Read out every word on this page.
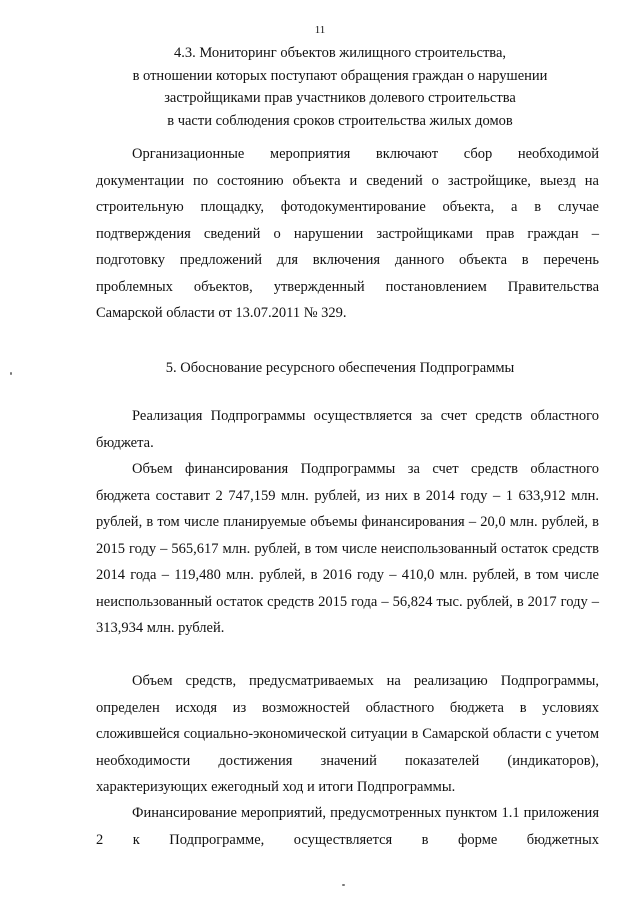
11
4.3. Мониторинг объектов жилищного строительства,
в отношении которых поступают обращения граждан о нарушении
застройщиками прав участников долевого строительства
в части соблюдения сроков строительства жилых домов

Организационные мероприятия включают сбор необходимой документации по состоянию объекта и сведений о застройщике, выезд на строительную площадку, фотодокументирование объекта, а в случае подтверждения сведений о нарушении застройщиками прав граждан – подготовку предложений для включения данного объекта в перечень проблемных объектов, утвержденный постановлением Правительства Самарской области от 13.07.2011 № 329.

5. Обоснование ресурсного обеспечения Подпрограммы

Реализация Подпрограммы осуществляется за счет средств областного бюджета.

Объем финансирования Подпрограммы за счет средств областного бюджета составит 2 747,159 млн. рублей, из них в 2014 году – 1 633,912 млн. рублей, в том числе планируемые объемы финансирования – 20,0 млн. рублей, в 2015 году – 565,617 млн. рублей, в том числе неиспользованный остаток средств 2014 года – 119,480 млн. рублей, в 2016 году – 410,0 млн. рублей, в том числе неиспользованный остаток средств 2015 года – 56,824 тыс. рублей, в 2017 году – 313,934 млн. рублей.

Объем средств, предусматриваемых на реализацию Подпрограммы, определен исходя из возможностей областного бюджета в условиях сложившейся социально-экономической ситуации в Самарской области с учетом необходимости достижения значений показателей (индикаторов), характеризующих ежегодный ход и итоги Подпрограммы.

Финансирование мероприятий, предусмотренных пунктом 1.1 приложения 2 к Подпрограмме, осуществляется в форме бюджетных
